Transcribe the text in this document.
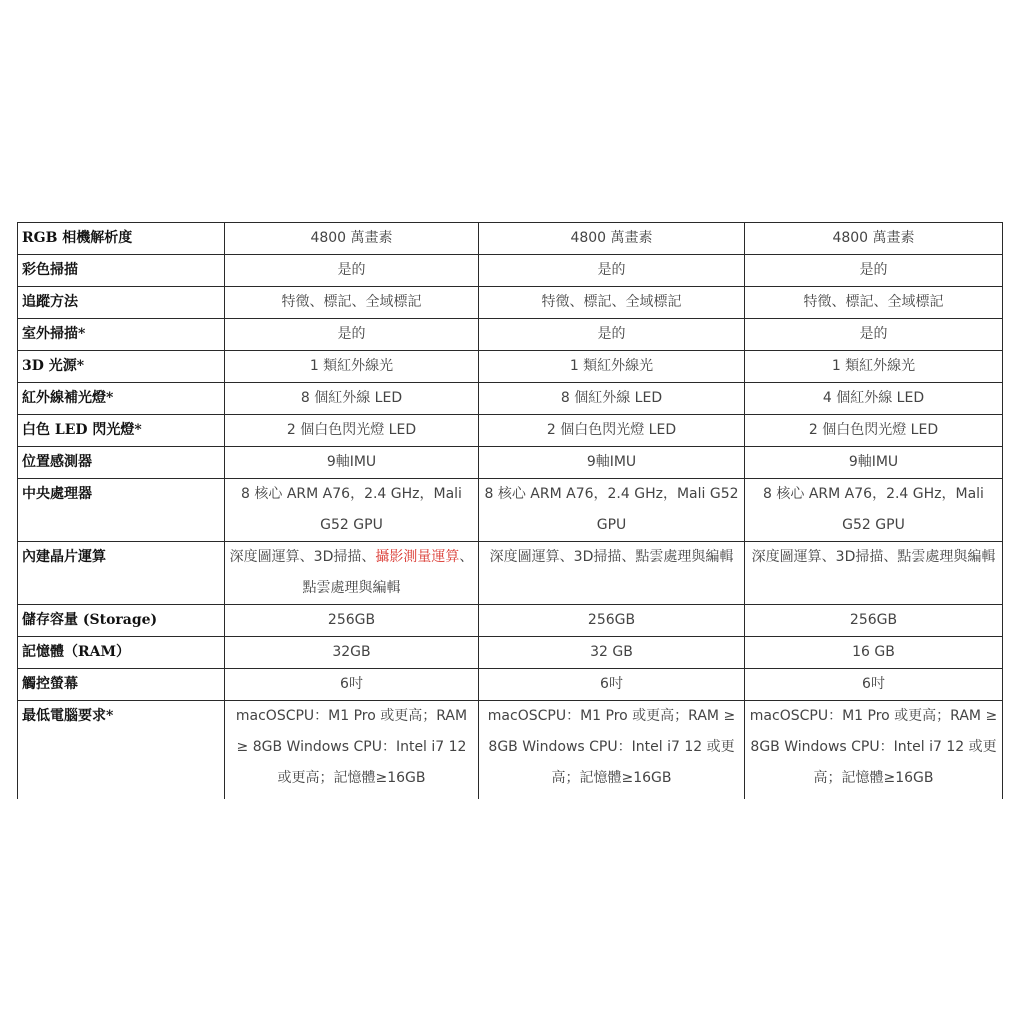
RGB 相機解析度	4800 萬畫素	4800 萬畫素	4800 萬畫素
彩色掃描	是的	是的	是的
追蹤方法	特徵、標記、全域標記	特徵、標記、全域標記	特徵、標記、全域標記
室外掃描*	是的	是的	是的
3D 光源*	1 類紅外線光	1 類紅外線光	1 類紅外線光
紅外線補光燈*	8 個紅外線 LED	8 個紅外線 LED	4 個紅外線 LED
白色 LED 閃光燈*	2 個白色閃光燈 LED	2 個白色閃光燈 LED	2 個白色閃光燈 LED
位置感測器	9軸IMU	9軸IMU	9軸IMU
中央處理器	8 核心 ARM A76，2.4 GHz，Mali G52 GPU	8 核心 ARM A76，2.4 GHz，Mali G52 GPU	8 核心 ARM A76，2.4 GHz，Mali G52 GPU
內建晶片運算	深度圖運算、3D掃描、攝影測量運算、點雲處理與編輯	深度圖運算、3D掃描、點雲處理與編輯	深度圖運算、3D掃描、點雲處理與編輯
儲存容量 (Storage)	256GB	256GB	256GB
記憶體（RAM）	32GB	32 GB	16 GB
觸控螢幕	6吋	6吋	6吋
最低電腦要求*	macOSCPU：M1 Pro 或更高；RAM ≥ 8GB Windows CPU：Intel i7 12 或更高；記憶體≥16GB	macOSCPU：M1 Pro 或更高；RAM ≥ 8GB Windows CPU：Intel i7 12 或更高；記憶體≥16GB	macOSCPU：M1 Pro 或更高；RAM ≥ 8GB Windows CPU：Intel i7 12 或更高；記憶體≥16GB
